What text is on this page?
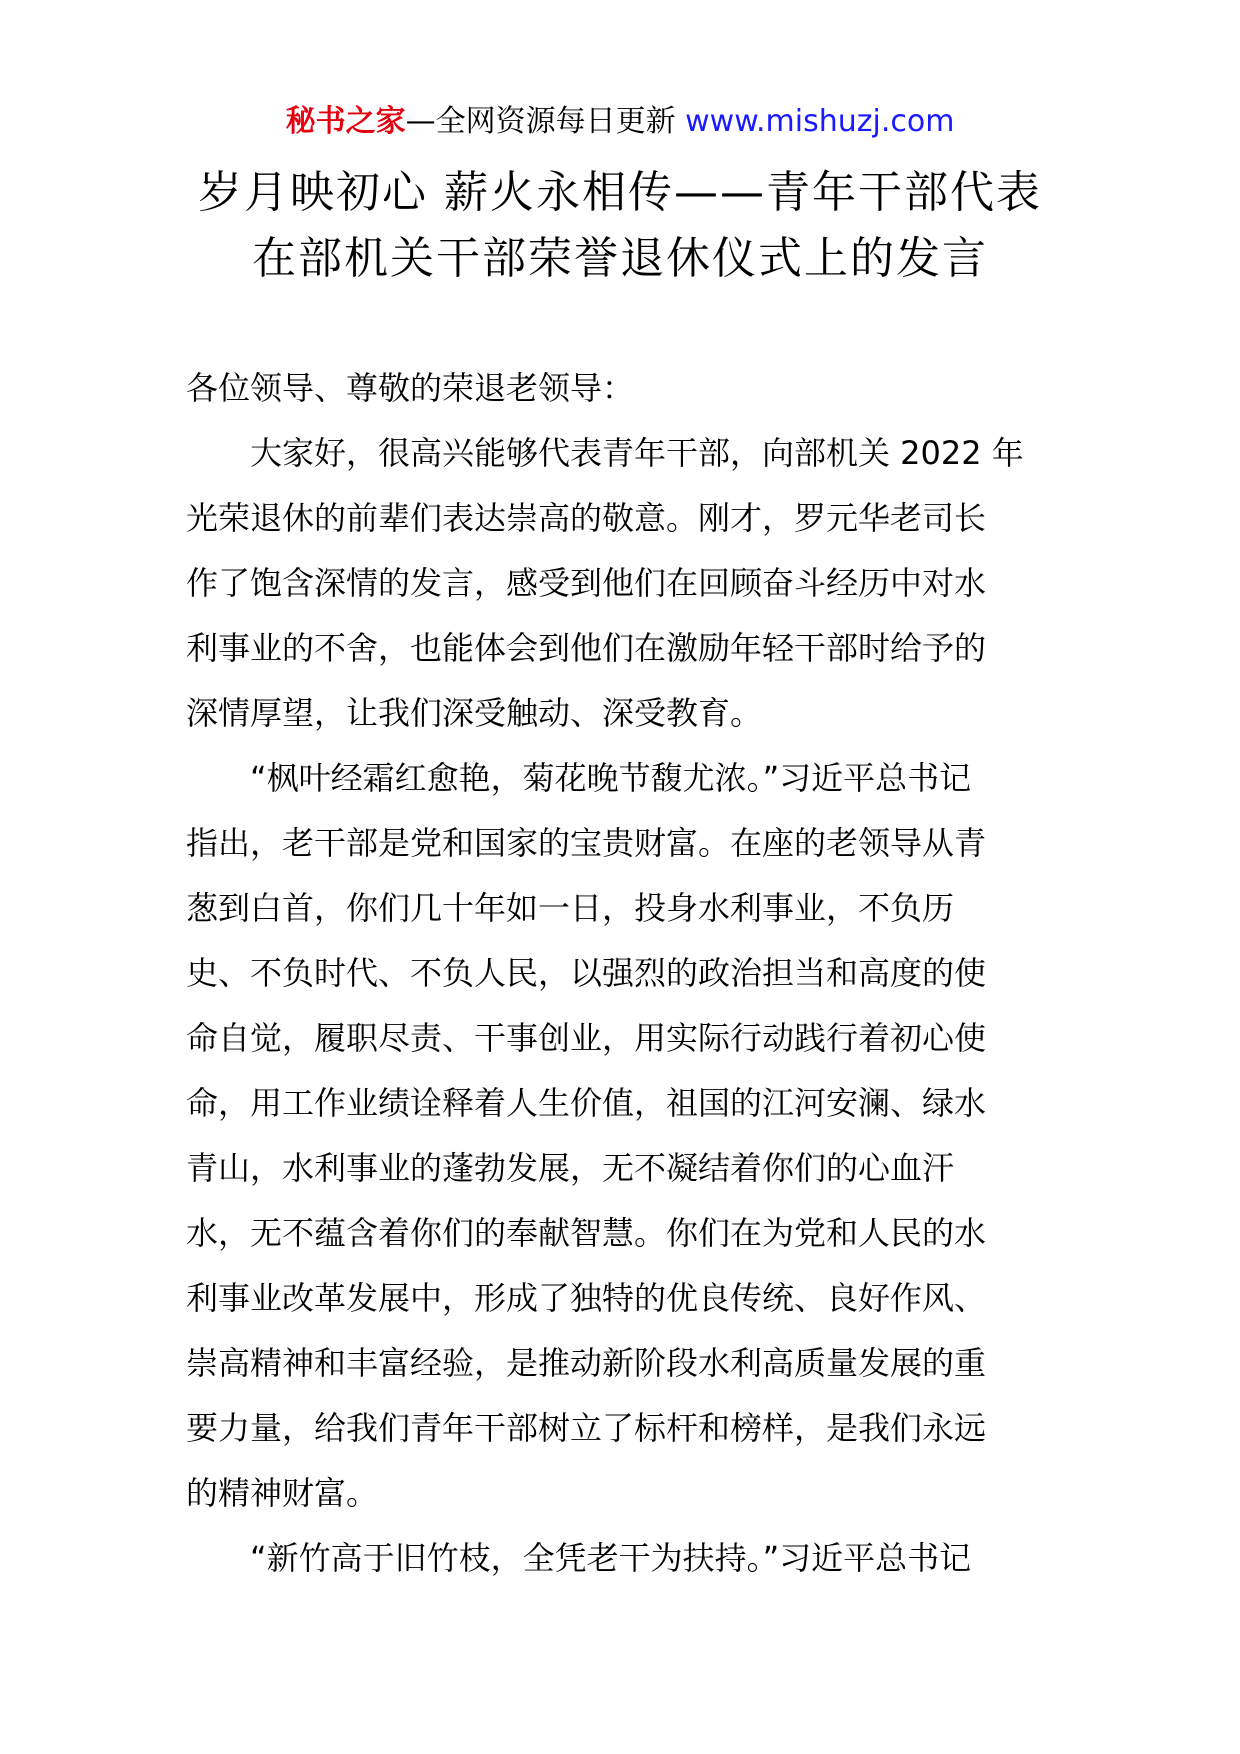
秘书之家—全网资源每日更新 www.mishuzj.com
岁月映初心 薪火永相传——青年干部代表
在部机关干部荣誉退休仪式上的发言
各位领导、尊敬的荣退老领导：
大家好，很高兴能够代表青年干部，向部机关 2022 年
光荣退休的前辈们表达崇高的敬意。刚才，罗元华老司长
作了饱含深情的发言，感受到他们在回顾奋斗经历中对水
利事业的不舍，也能体会到他们在激励年轻干部时给予的
深情厚望，让我们深受触动、深受教育。
“枫叶经霜红愈艳，菊花晚节馥尤浓。”习近平总书记
指出，老干部是党和国家的宝贵财富。在座的老领导从青
葱到白首，你们几十年如一日，投身水利事业，不负历
史、不负时代、不负人民，以强烈的政治担当和高度的使
命自觉，履职尽责、干事创业，用实际行动践行着初心使
命，用工作业绩诠释着人生价值，祖国的江河安澜、绿水
青山，水利事业的蓬勃发展，无不凝结着你们的心血汗
水，无不蕴含着你们的奉献智慧。你们在为党和人民的水
利事业改革发展中，形成了独特的优良传统、良好作风、
崇高精神和丰富经验，是推动新阶段水利高质量发展的重
要力量，给我们青年干部树立了标杆和榜样，是我们永远
的精神财富。
“新竹高于旧竹枝，全凭老干为扶持。”习近平总书记
